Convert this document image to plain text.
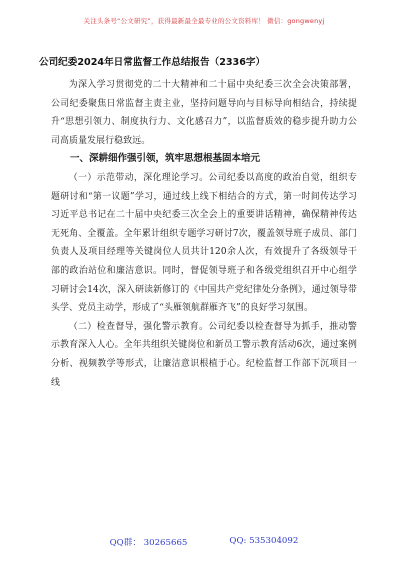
关注头条号“公文研究”，获得最新最全最专业的公文资料库！ 微信：gongwenyj
公司纪委2024年日常监督工作总结报告（2336字）

为深入学习贯彻党的二十大精神和二十届中央纪委三次全会决策部署，公司纪委聚焦日常监督主责主业，坚持问题导向与目标导向相结合，持续提升“思想引领力、制度执行力、文化感召力”，以监督质效的稳步提升助力公司高质量发展行稳致远。

一、深耕细作强引领，筑牢思想根基固本培元

（一）示范带动，深化理论学习。公司纪委以高度的政治自觉，组织专题研讨和“第一议题”学习，通过线上线下相结合的方式，第一时间传达学习习近平总书记在二十届中央纪委三次全会上的重要讲话精神，确保精神传达无死角、全覆盖。全年累计组织专题学习研讨7次，覆盖领导班子成员、部门负责人及项目经理等关键岗位人员共计120余人次，有效提升了各级领导干部的政治站位和廉洁意识。同时，督促领导班子和各级党组织召开中心组学习研讨会14次，深入研读新修订的《中国共产党纪律处分条例》，通过领导带头学、党员主动学，形成了“头雁领航群雁齐飞”的良好学习氛围。

（二）检查督导，强化警示教育。公司纪委以检查督导为抓手，推动警示教育深入人心。全年共组织关键岗位和新员工警示教育活动6次，通过案例分析、视频教学等形式，让廉洁意识根植于心。纪检监督工作部下沉项目一线

QQ群： 30265665	QQ: 535304092
